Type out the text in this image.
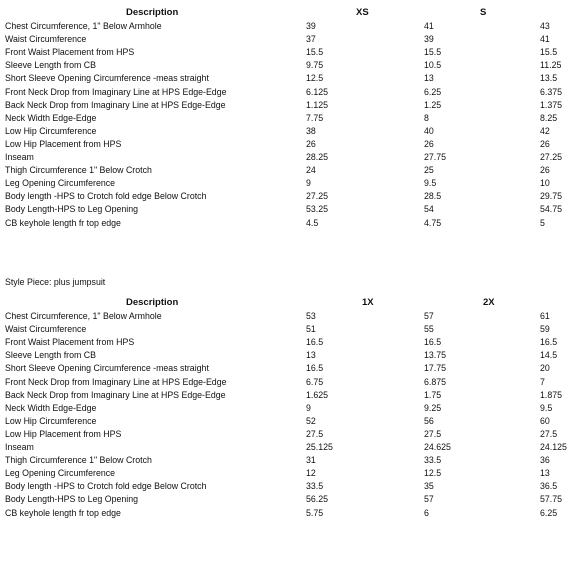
Description	XS	S
Chest Circumference, 1" Below Armhole	39	41	43
Waist Circumference	37	39	41
Front Waist Placement from HPS	15.5	15.5	15.5
Sleeve Length from CB	9.75	10.5	11.25
Short Sleeve Opening Circumference -meas straight	12.5	13	13.5
Front Neck Drop from Imaginary Line at HPS Edge-Edge	6.125	6.25	6.375
Back Neck Drop from Imaginary Line at HPS Edge-Edge	1.125	1.25	1.375
Neck Width Edge-Edge	7.75	8	8.25
Low Hip Circumference	38	40	42
Low Hip Placement from HPS	26	26	26
Inseam	28.25	27.75	27.25
Thigh Circumference 1" Below Crotch	24	25	26
Leg Opening Circumference	9	9.5	10
Body length -HPS to Crotch fold edge Below Crotch	27.25	28.5	29.75
Body Length-HPS to Leg Opening	53.25	54	54.75
CB keyhole length fr top edge	4.5	4.75	5
Style Piece: plus jumpsuit
Description	1X	2X
Chest Circumference, 1" Below Armhole	53	57	61
Waist Circumference	51	55	59
Front Waist Placement from HPS	16.5	16.5	16.5
Sleeve Length from CB	13	13.75	14.5
Short Sleeve Opening Circumference -meas straight	16.5	17.75	20
Front Neck Drop from Imaginary Line at HPS Edge-Edge	6.75	6.875	7
Back Neck Drop from Imaginary Line at HPS Edge-Edge	1.625	1.75	1.875
Neck Width Edge-Edge	9	9.25	9.5
Low Hip Circumference	52	56	60
Low Hip Placement from HPS	27.5	27.5	27.5
Inseam	25.125	24.625	24.125
Thigh Circumference 1" Below Crotch	31	33.5	36
Leg Opening Circumference	12	12.5	13
Body length -HPS to Crotch fold edge Below Crotch	33.5	35	36.5
Body Length-HPS to Leg Opening	56.25	57	57.75
CB keyhole length fr top edge	5.75	6	6.25
